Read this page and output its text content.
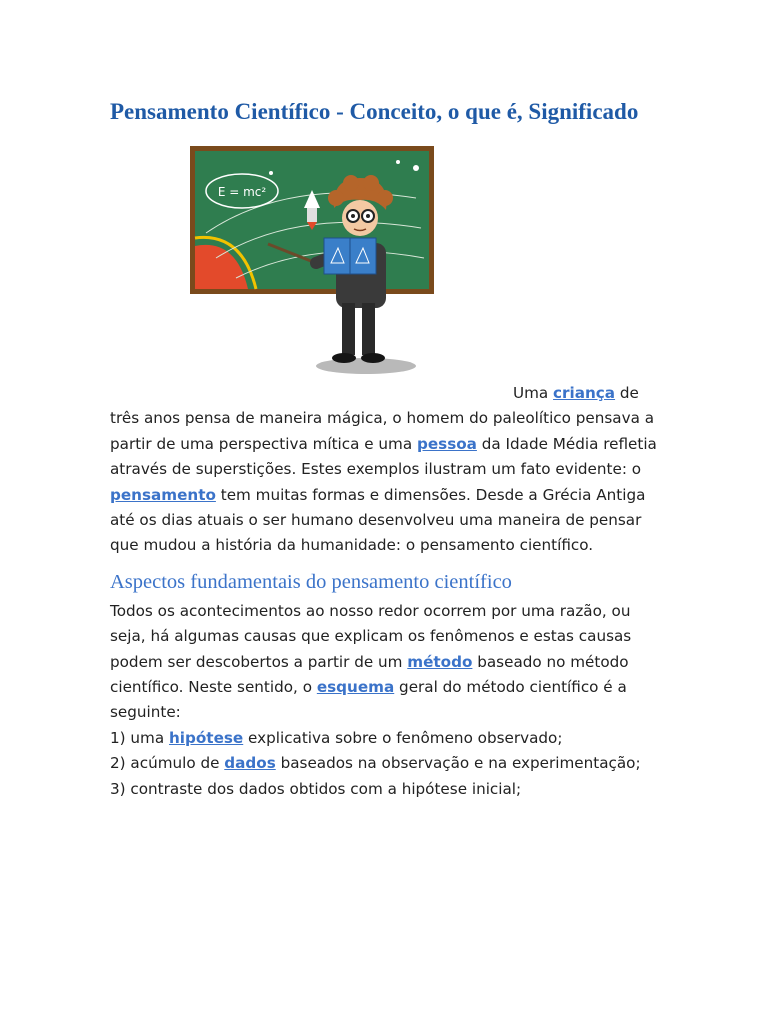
Pensamento Científico - Conceito, o que é, Significado
E = mc²

Uma criança de três anos pensa de maneira mágica, o homem do paleolítico pensava a partir de uma perspectiva mítica e uma pessoa da Idade Média refletia através de superstições. Estes exemplos ilustram um fato evidente: o pensamento tem muitas formas e dimensões. Desde a Grécia Antiga até os dias atuais o ser humano desenvolveu uma maneira de pensar que mudou a história da humanidade: o pensamento científico.

Aspectos fundamentais do pensamento científico

Todos os acontecimentos ao nosso redor ocorrem por uma razão, ou seja, há algumas causas que explicam os fenômenos e estas causas podem ser descobertos a partir de um método baseado no método científico. Neste sentido, o esquema geral do método científico é a seguinte:

1) uma hipótese explicativa sobre o fenômeno observado;

2) acúmulo de dados baseados na observação e na experimentação;

3) contraste dos dados obtidos com a hipótese inicial;
